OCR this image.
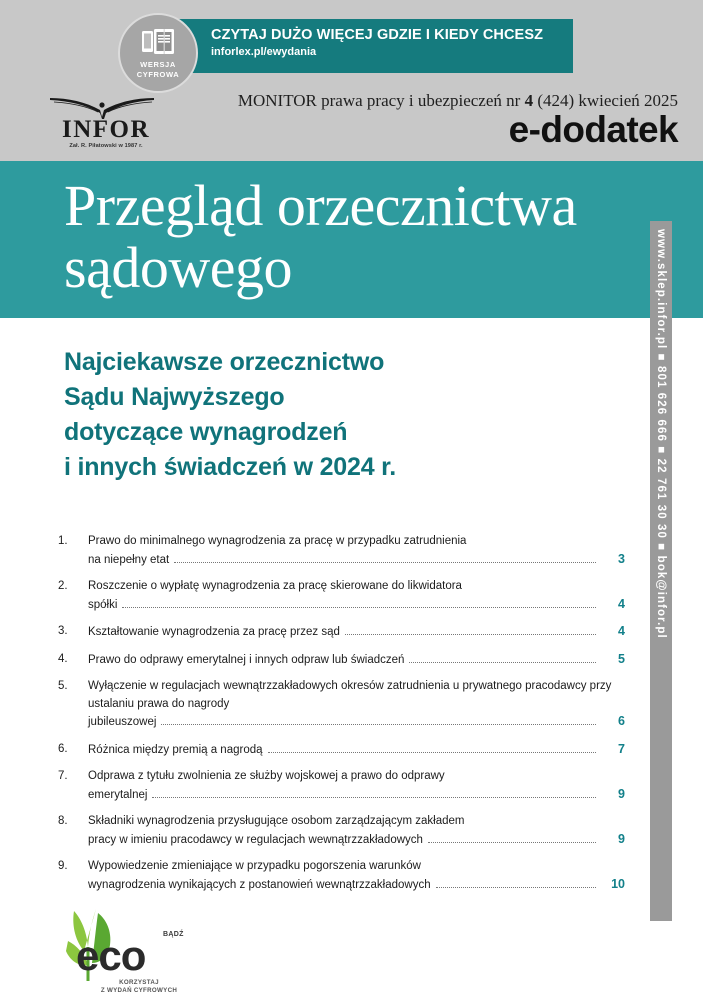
CZYTAJ DUŻO WIĘCEJ GDZIE I KIEDY CHCESZ
inforlex.pl/ewydania
WERSJA
CYFROWA
INFOR
Zał. R. Piłatowski w 1987 r.
MONITOR prawa pracy i ubezpieczeń nr 4 (424) kwiecień 2025
e-dodatek
Przegląd orzecznictwa sądowego	www.sklep.infor.pl ■ 801 626 666 ■ 22 761 30 30 ■ bok@infor.pl
Najciekawsze orzecznictwo
Sądu Najwyższego
dotyczące wynagrodzeń
i innych świadczeń w 2024 r.
1.	Prawo do minimalnego wynagrodzenia za pracę w przypadku zatrudnienia
na niepełny etat	3
2.	Roszczenie o wypłatę wynagrodzenia za pracę skierowane do likwidatora
spółki	4
3.	Kształtowanie wynagrodzenia za pracę przez sąd	4
4.	Prawo do odprawy emerytalnej i innych odpraw lub świadczeń	5
5.	Wyłączenie w regulacjach wewnątrzzakładowych okresów zatrudnienia u prywatnego pracodawcy przy ustalaniu prawa do nagrody
jubileuszowej	6
6.	Różnica między premią a nagrodą	7
7.	Odprawa z tytułu zwolnienia ze służby wojskowej a prawo do odprawy
emerytalnej	9
8.	Składniki wynagrodzenia przysługujące osobom zarządzającym zakładem
pracy w imieniu pracodawcy w regulacjach wewnątrzzakładowych	9
9.	Wypowiedzenie zmieniające w przypadku pogorszenia warunków
wynagrodzenia wynikających z postanowień wewnątrzzakładowych	10
BĄDŹ
eco
KORZYSTAJ
Z WYDAŃ CYFROWYCH
